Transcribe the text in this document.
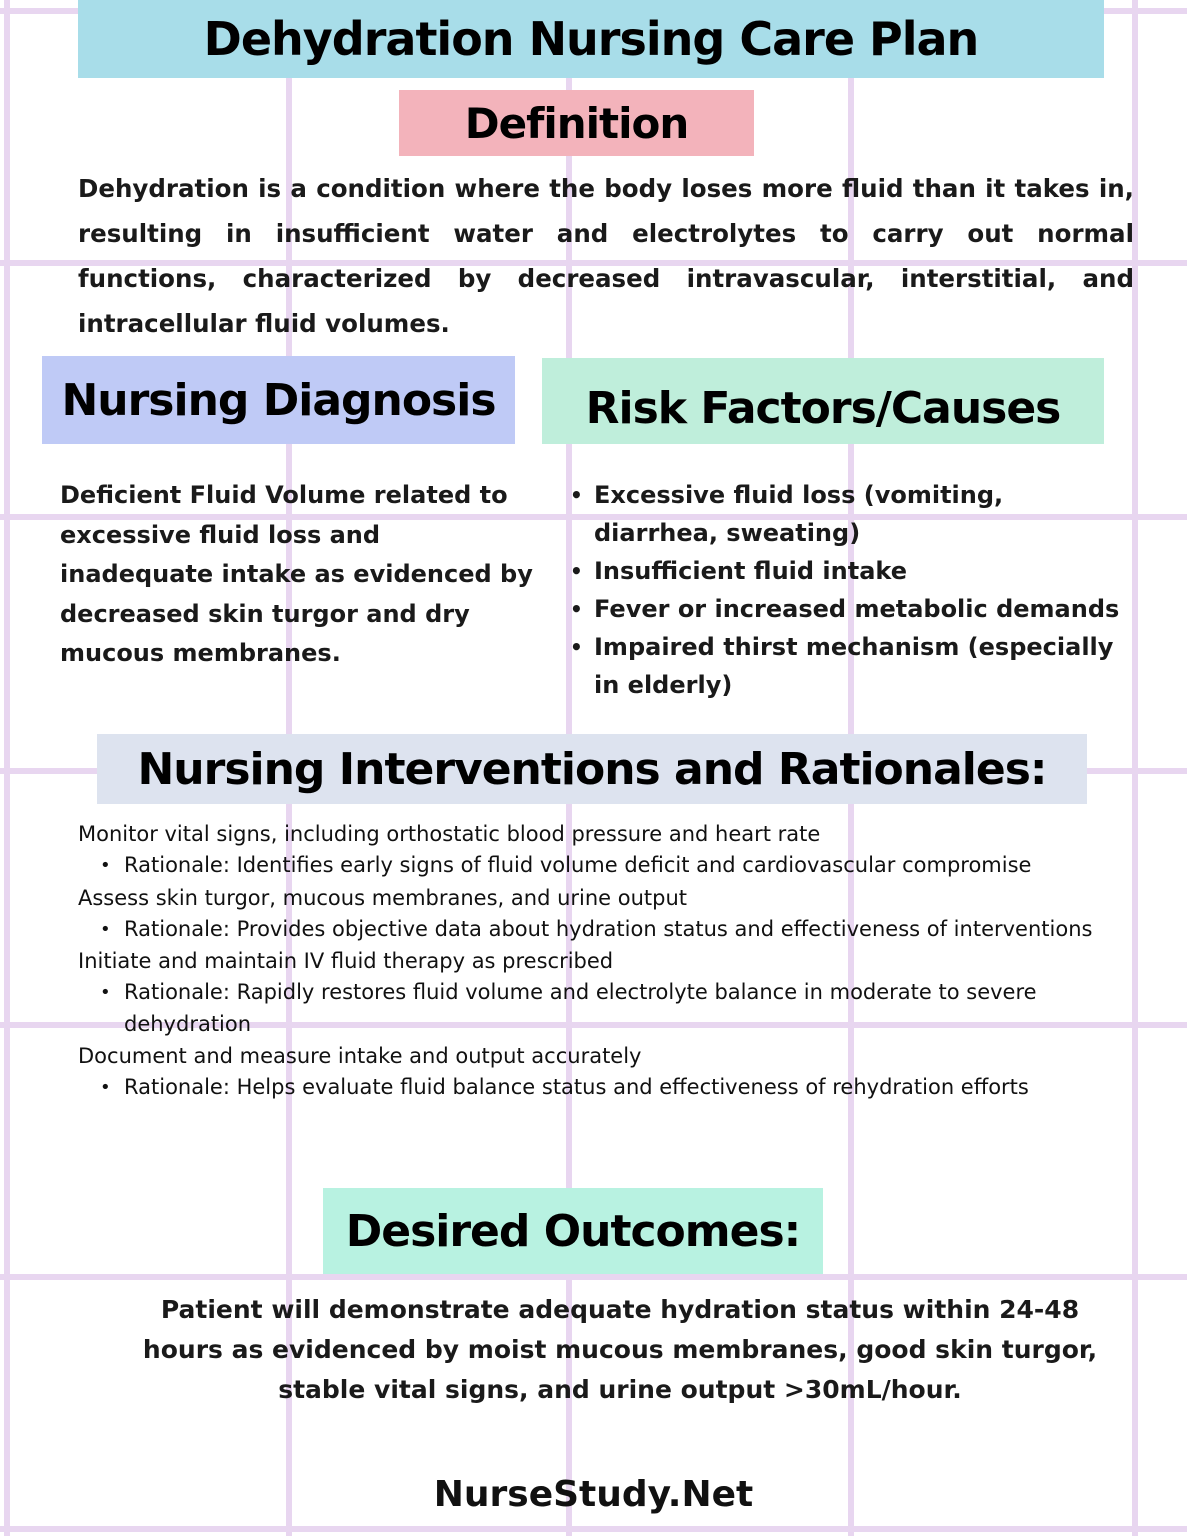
Dehydration Nursing Care Plan
Definition
Dehydration is a condition where the body loses more fluid than it takes in, resulting in insufficient water and electrolytes to carry out normal functions, characterized by decreased intravascular, interstitial, and intracellular fluid volumes.
Nursing Diagnosis
Deficient Fluid Volume related to excessive fluid loss and inadequate intake as evidenced by decreased skin turgor and dry mucous membranes.
Risk Factors/Causes
• Excessive fluid loss (vomiting, diarrhea, sweating)
• Insufficient fluid intake
• Fever or increased metabolic demands
• Impaired thirst mechanism (especially in elderly)
Nursing Interventions and Rationales:
Monitor vital signs, including orthostatic blood pressure and heart rate
• Rationale: Identifies early signs of fluid volume deficit and cardiovascular compromise
Assess skin turgor, mucous membranes, and urine output
• Rationale: Provides objective data about hydration status and effectiveness of interventions
Initiate and maintain IV fluid therapy as prescribed
• Rationale: Rapidly restores fluid volume and electrolyte balance in moderate to severe dehydration
Document and measure intake and output accurately
• Rationale: Helps evaluate fluid balance status and effectiveness of rehydration efforts
Desired Outcomes:
Patient will demonstrate adequate hydration status within 24-48 hours as evidenced by moist mucous membranes, good skin turgor, stable vital signs, and urine output >30mL/hour.
NurseStudy.Net
